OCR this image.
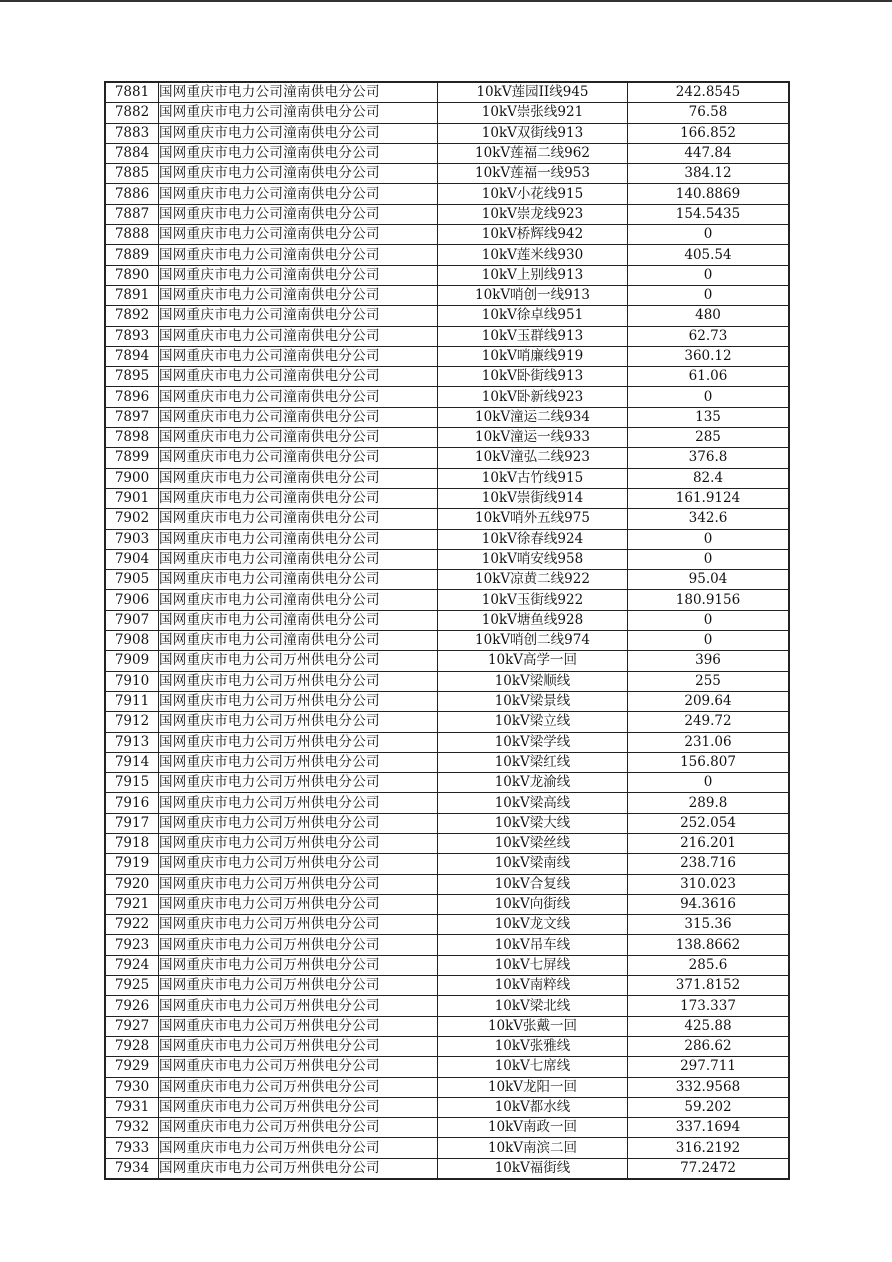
7881	国网重庆市电力公司潼南供电分公司	10kV莲园II线945	242.8545
7882	国网重庆市电力公司潼南供电分公司	10kV崇张线921	76.58
7883	国网重庆市电力公司潼南供电分公司	10kV双街线913	166.852
7884	国网重庆市电力公司潼南供电分公司	10kV莲福二线962	447.84
7885	国网重庆市电力公司潼南供电分公司	10kV莲福一线953	384.12
7886	国网重庆市电力公司潼南供电分公司	10kV小花线915	140.8869
7887	国网重庆市电力公司潼南供电分公司	10kV崇龙线923	154.5435
7888	国网重庆市电力公司潼南供电分公司	10kV桥辉线942	0
7889	国网重庆市电力公司潼南供电分公司	10kV莲米线930	405.54
7890	国网重庆市电力公司潼南供电分公司	10kV上别线913	0
7891	国网重庆市电力公司潼南供电分公司	10kV哨创一线913	0
7892	国网重庆市电力公司潼南供电分公司	10kV徐卓线951	480
7893	国网重庆市电力公司潼南供电分公司	10kV玉群线913	62.73
7894	国网重庆市电力公司潼南供电分公司	10kV哨廉线919	360.12
7895	国网重庆市电力公司潼南供电分公司	10kV卧街线913	61.06
7896	国网重庆市电力公司潼南供电分公司	10kV卧新线923	0
7897	国网重庆市电力公司潼南供电分公司	10kV潼运二线934	135
7898	国网重庆市电力公司潼南供电分公司	10kV潼运一线933	285
7899	国网重庆市电力公司潼南供电分公司	10kV潼弘二线923	376.8
7900	国网重庆市电力公司潼南供电分公司	10kV古竹线915	82.4
7901	国网重庆市电力公司潼南供电分公司	10kV崇街线914	161.9124
7902	国网重庆市电力公司潼南供电分公司	10kV哨外五线975	342.6
7903	国网重庆市电力公司潼南供电分公司	10kV徐春线924	0
7904	国网重庆市电力公司潼南供电分公司	10kV哨安线958	0
7905	国网重庆市电力公司潼南供电分公司	10kV凉黄二线922	95.04
7906	国网重庆市电力公司潼南供电分公司	10kV玉街线922	180.9156
7907	国网重庆市电力公司潼南供电分公司	10kV塘鱼线928	0
7908	国网重庆市电力公司潼南供电分公司	10kV哨创二线974	0
7909	国网重庆市电力公司万州供电分公司	10kV高学一回	396
7910	国网重庆市电力公司万州供电分公司	10kV梁顺线	255
7911	国网重庆市电力公司万州供电分公司	10kV梁景线	209.64
7912	国网重庆市电力公司万州供电分公司	10kV梁立线	249.72
7913	国网重庆市电力公司万州供电分公司	10kV梁学线	231.06
7914	国网重庆市电力公司万州供电分公司	10kV梁红线	156.807
7915	国网重庆市电力公司万州供电分公司	10kV龙渝线	0
7916	国网重庆市电力公司万州供电分公司	10kV梁高线	289.8
7917	国网重庆市电力公司万州供电分公司	10kV梁大线	252.054
7918	国网重庆市电力公司万州供电分公司	10kV梁丝线	216.201
7919	国网重庆市电力公司万州供电分公司	10kV梁南线	238.716
7920	国网重庆市电力公司万州供电分公司	10kV合复线	310.023
7921	国网重庆市电力公司万州供电分公司	10kV向街线	94.3616
7922	国网重庆市电力公司万州供电分公司	10kV龙文线	315.36
7923	国网重庆市电力公司万州供电分公司	10kV吊车线	138.8662
7924	国网重庆市电力公司万州供电分公司	10kV七屏线	285.6
7925	国网重庆市电力公司万州供电分公司	10kV南粹线	371.8152
7926	国网重庆市电力公司万州供电分公司	10kV梁北线	173.337
7927	国网重庆市电力公司万州供电分公司	10kV张戴一回	425.88
7928	国网重庆市电力公司万州供电分公司	10kV张雅线	286.62
7929	国网重庆市电力公司万州供电分公司	10kV七席线	297.711
7930	国网重庆市电力公司万州供电分公司	10kV龙阳一回	332.9568
7931	国网重庆市电力公司万州供电分公司	10kV都水线	59.202
7932	国网重庆市电力公司万州供电分公司	10kV南政一回	337.1694
7933	国网重庆市电力公司万州供电分公司	10kV南滨二回	316.2192
7934	国网重庆市电力公司万州供电分公司	10kV福街线	77.2472
